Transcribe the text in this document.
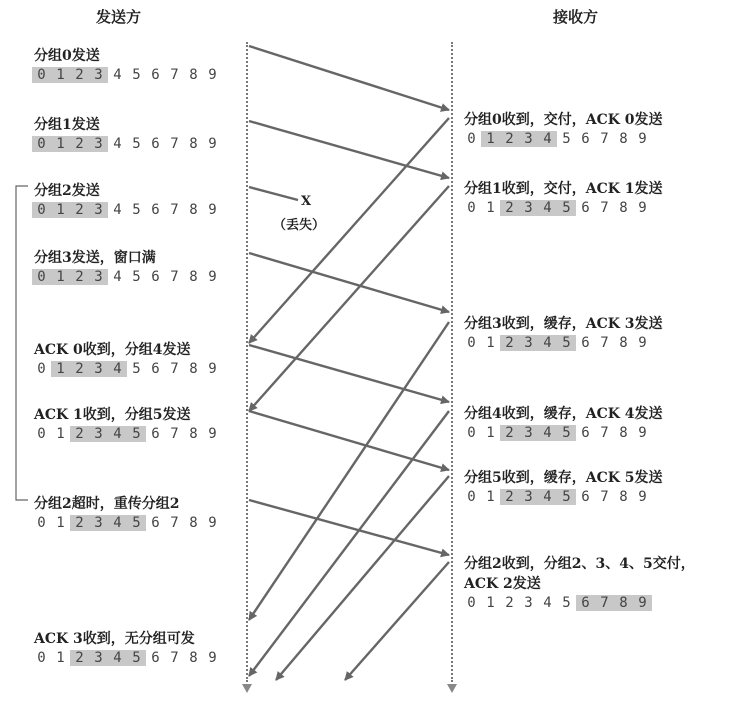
发送方	接收方
X
（丢失）
分组0发送
0 1 2 3 4 5 6 7 8 9
分组1发送
0 1 2 3 4 5 6 7 8 9
分组2发送
0 1 2 3 4 5 6 7 8 9
分组3发送，窗口满
0 1 2 3 4 5 6 7 8 9
ACK 0收到，分组4发送
0 1 2 3 4 5 6 7 8 9
ACK 1收到，分组5发送
0 1 2 3 4 5 6 7 8 9
分组2超时，重传分组2
0 1 2 3 4 5 6 7 8 9
ACK 3收到，无分组可发
0 1 2 3 4 5 6 7 8 9
分组0收到，交付，ACK 0发送
0 1 2 3 4 5 6 7 8 9
分组1收到，交付，ACK 1发送
0 1 2 3 4 5 6 7 8 9
分组3收到，缓存，ACK 3发送
0 1 2 3 4 5 6 7 8 9
分组4收到，缓存，ACK 4发送
0 1 2 3 4 5 6 7 8 9
分组5收到，缓存，ACK 5发送
0 1 2 3 4 5 6 7 8 9
分组2收到，分组2、3、4、5交付，
ACK 2发送
0 1 2 3 4 5 6 7 8 9
